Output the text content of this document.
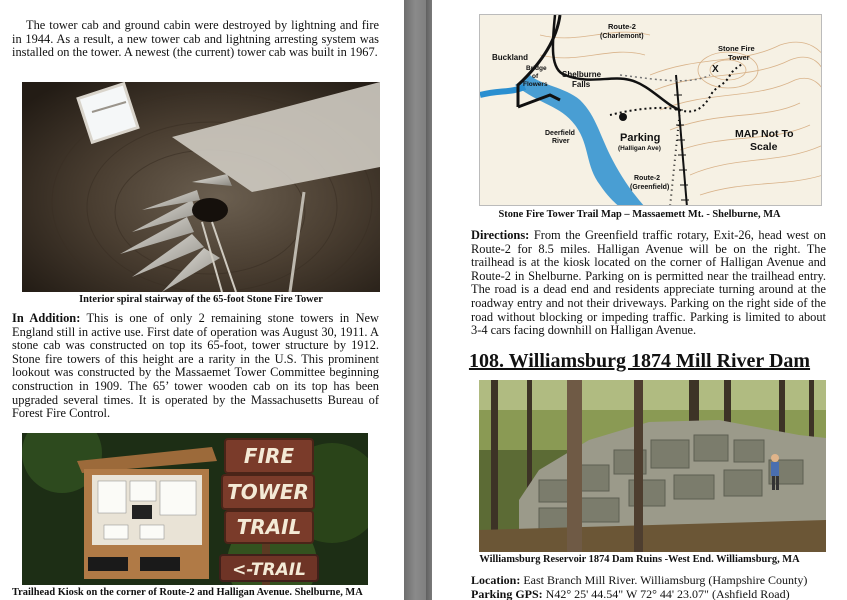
The tower cab and ground cabin were destroyed by lightning and fire in 1944. As a result, a new tower cab and lightning arresting system was installed on the tower. A newest (the current) tower cab was built in 1967.

Interior spiral stairway of the 65-foot Stone Fire Tower

In Addition: This is one of only 2 remaining stone towers in New England still in active use. First date of operation was August 30, 1911. A stone cab was constructed on top its 65-foot, tower structure by 1912. Stone fire towers of this height are a rarity in the U.S. This prominent lookout was constructed by the Massaemet Tower Committee beginning construction in 1909. The 65’ tower wooden cab on its top has been upgraded several times. It is operated by the Massachusetts Bureau of Forest Fire Control.

FIRE
TOWER
TRAIL
<-TRAIL
Trailhead Kiosk on the corner of Route-2 and Halligan Avenue. Shelburne, MA
Buckland
Route-2
(Charlemont)
Bridge
of
Flowers
Shelburne
Falls
Deerfield
River	Parking
(Halligan Ave)
Route-2
(Greenfield)
Stone Fire
Tower
X
MAP Not To
Scale
Stone Fire Tower Trail Map – Massaemett Mt. - Shelburne, MA

Directions: From the Greenfield traffic rotary, Exit-26, head west on Route-2 for 8.5 miles. Halligan Avenue will be on the right. The trailhead is at the kiosk located on the corner of Halligan Avenue and Route-2 in Shelburne. Parking on is permitted near the trailhead entry. The road is a dead end and residents appreciate turning around at the roadway entry and not their driveways. Parking on the right side of the road without blocking or impeding traffic. Parking is limited to about 3-4 cars facing downhill on Halligan Avenue.

108. Williamsburg 1874 Mill River Dam
Williamsburg Reservoir 1874 Dam Ruins -West End. Williamsburg, MA
Location: East Branch Mill River. Williamsburg (Hampshire County)
Parking GPS: N42° 25' 44.54" W 72° 44' 23.07" (Ashfield Road)
